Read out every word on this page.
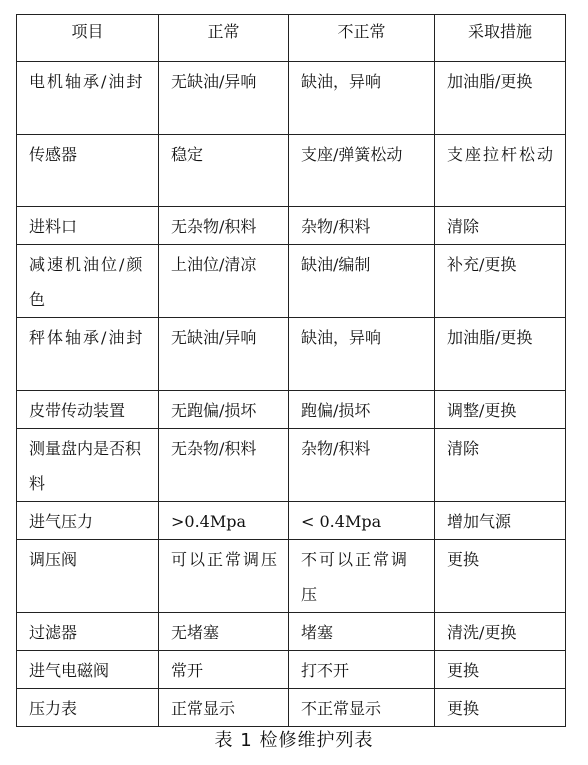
项目	正常	不正常	采取措施
电机轴承/油封	无缺油/异响	缺油，异响	加油脂/更换
传感器	稳定	支座/弹簧松动	支座拉杆松动
进料口	无杂物/积料	杂物/积料	清除
减速机油位/颜色	上油位/清凉	缺油/编制	补充/更换
秤体轴承/油封	无缺油/异响	缺油，异响	加油脂/更换
皮带传动装置	无跑偏/损坏	跑偏/损坏	调整/更换
测量盘内是否积料	无杂物/积料	杂物/积料	清除
进气压力	>0.4Mpa	< 0.4Mpa	增加气源
调压阀	可以正常调压	不可以正常调压	更换
过滤器	无堵塞	堵塞	清洗/更换
进气电磁阀	常开	打不开	更换
压力表	正常显示	不正常显示	更换
表 1 检修维护列表
